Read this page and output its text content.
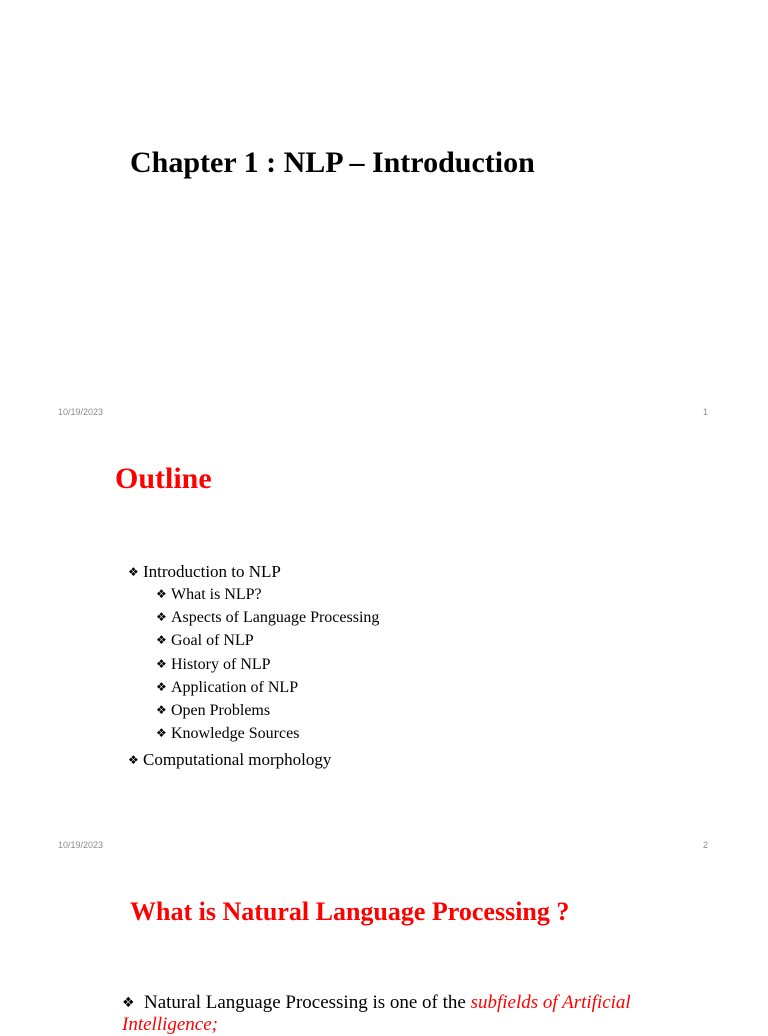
Chapter 1 : NLP – Introduction
10/19/2023	1
Outline
❖ Introduction to NLP
❖ What is NLP?
❖ Aspects of Language Processing
❖ Goal of NLP
❖ History of NLP
❖ Application of NLP
❖ Open Problems
❖ Knowledge Sources
❖ Computational morphology
10/19/2023	2
What is Natural Language Processing ?

❖ Natural Language Processing is one of the subfields of Artificial Intelligence;
